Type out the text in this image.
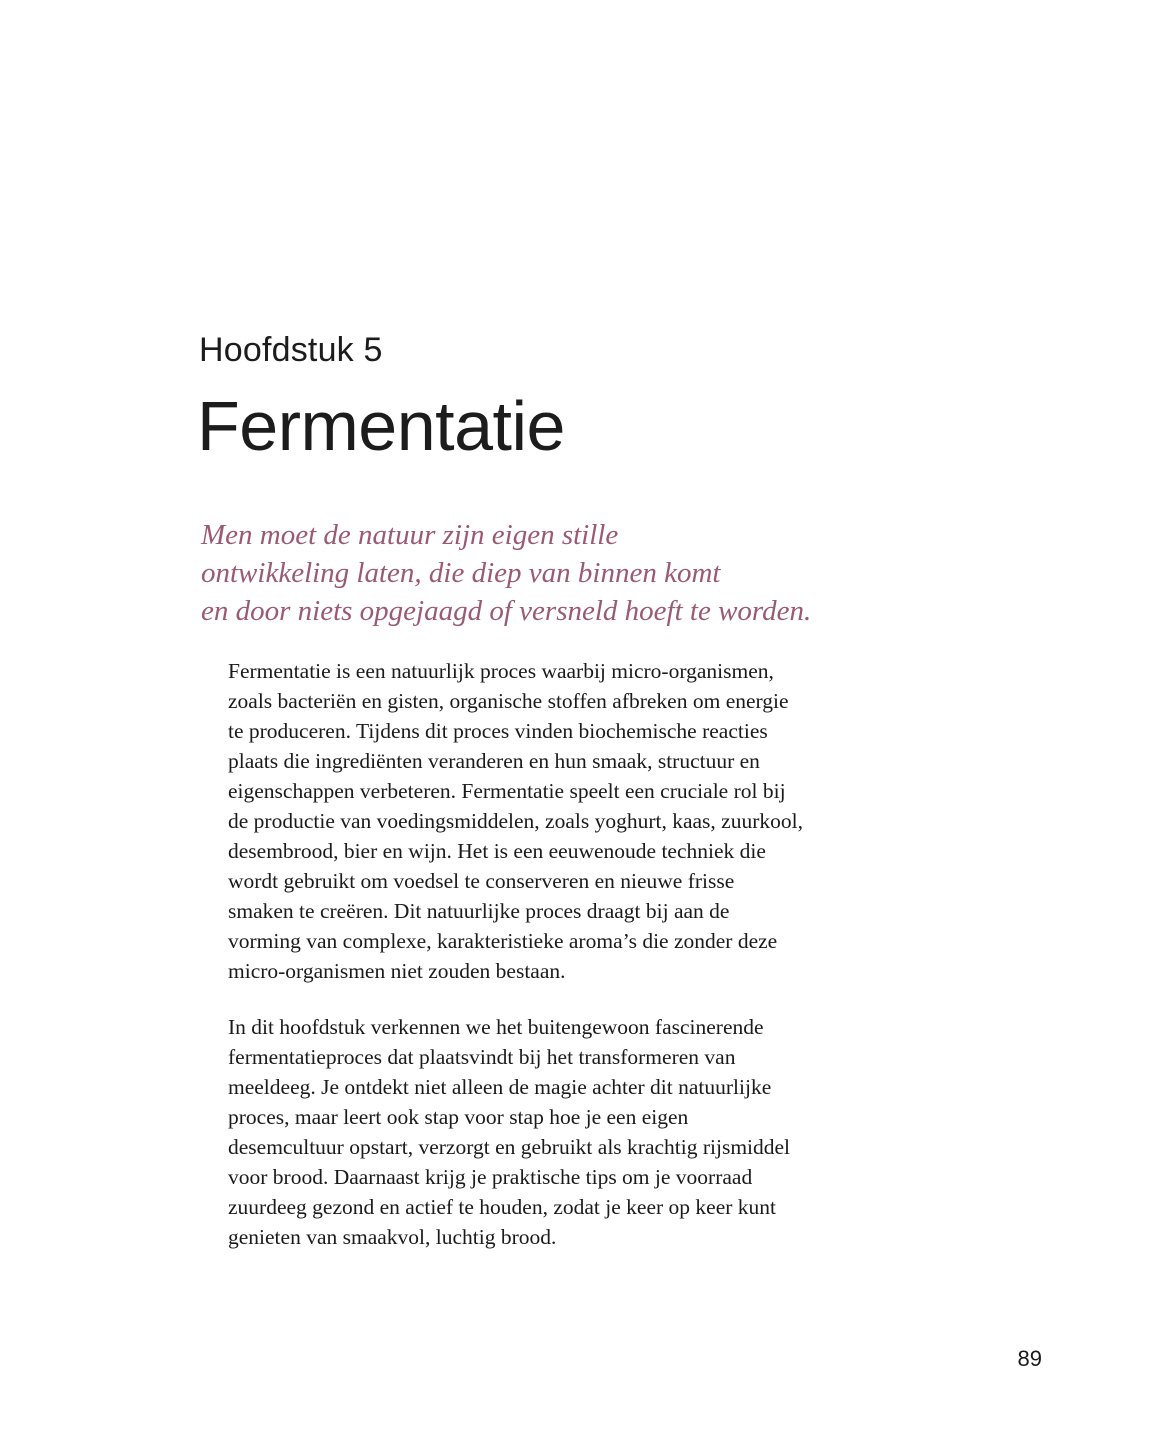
Hoofdstuk 5
Fermentatie
Men moet de natuur zijn eigen stille
ontwikkeling laten, die diep van binnen komt
en door niets opgejaagd of versneld hoeft te worden.
Fermentatie is een natuurlijk proces waarbij micro-organismen,
zoals bacteriën en gisten, organische stoffen afbreken om energie
te produceren. Tijdens dit proces vinden biochemische reacties
plaats die ingrediënten veranderen en hun smaak, structuur en
eigenschappen verbeteren. Fermentatie speelt een cruciale rol bij
de productie van voedingsmiddelen, zoals yoghurt, kaas, zuurkool,
desembrood, bier en wijn. Het is een eeuwenoude techniek die
wordt gebruikt om voedsel te conserveren en nieuwe frisse
smaken te creëren. Dit natuurlijke proces draagt bij aan de
vorming van complexe, karakteristieke aroma’s die zonder deze
micro-organismen niet zouden bestaan.
In dit hoofdstuk verkennen we het buitengewoon fascinerende
fermentatieproces dat plaatsvindt bij het transformeren van
meeldeeg. Je ontdekt niet alleen de magie achter dit natuurlijke
proces, maar leert ook stap voor stap hoe je een eigen
desemcultuur opstart, verzorgt en gebruikt als krachtig rijsmiddel
voor brood. Daarnaast krijg je praktische tips om je voorraad
zuurdeeg gezond en actief te houden, zodat je keer op keer kunt
genieten van smaakvol, luchtig brood.
89
